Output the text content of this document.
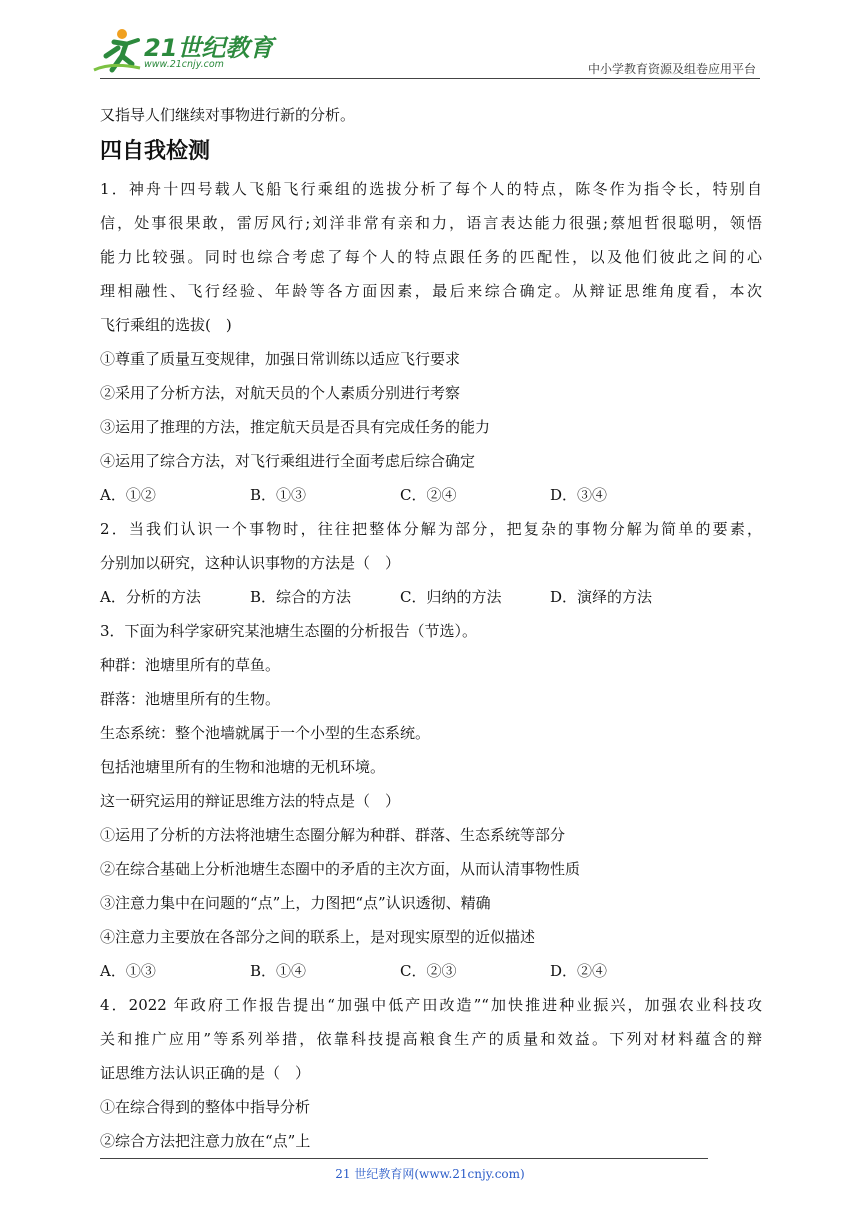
21世纪教育
www.21cnjy.com	中小学教育资源及组卷应用平台
又指导人们继续对事物进行新的分析。
四自我检测
1．神舟十四号载人飞船飞行乘组的选拔分析了每个人的特点，陈冬作为指令长，特别自
信，处事很果敢，雷厉风行;刘洋非常有亲和力，语言表达能力很强;蔡旭哲很聪明，领悟
能力比较强。同时也综合考虑了每个人的特点跟任务的匹配性，以及他们彼此之间的心
理相融性、飞行经验、年龄等各方面因素，最后来综合确定。从辩证思维角度看，本次
飞行乘组的选拔(　)
①尊重了质量互变规律，加强日常训练以适应飞行要求
②采用了分析方法，对航天员的个人素质分别进行考察
③运用了推理的方法，推定航天员是否具有完成任务的能力
④运用了综合方法，对飞行乘组进行全面考虑后综合确定
A．①②	B．①③	C．②④	D．③④
2．当我们认识一个事物时，往往把整体分解为部分，把复杂的事物分解为简单的要素，
分别加以研究，这种认识事物的方法是（　）
A．分析的方法	B．综合的方法	C．归纳的方法	D．演绎的方法
3．下面为科学家研究某池塘生态圈的分析报告（节选）。
种群：池塘里所有的草鱼。
群落：池塘里所有的生物。
生态系统：整个池墙就属于一个小型的生态系统。
包括池塘里所有的生物和池塘的无机环境。
这一研究运用的辩证思维方法的特点是（　）
①运用了分析的方法将池塘生态圈分解为种群、群落、生态系统等部分
②在综合基础上分析池塘生态圈中的矛盾的主次方面，从而认清事物性质
③注意力集中在问题的“点”上，力图把“点”认识透彻、精确
④注意力主要放在各部分之间的联系上，是对现实原型的近似描述
A．①③	B．①④	C．②③	D．②④
4．2022 年政府工作报告提出“加强中低产田改造”“加快推进种业振兴，加强农业科技攻
关和推广应用”等系列举措，依靠科技提高粮食生产的质量和效益。下列对材料蕴含的辩
证思维方法认识正确的是（　）
①在综合得到的整体中指导分析
②综合方法把注意力放在“点”上
21 世纪教育网(www.21cnjy.com)
